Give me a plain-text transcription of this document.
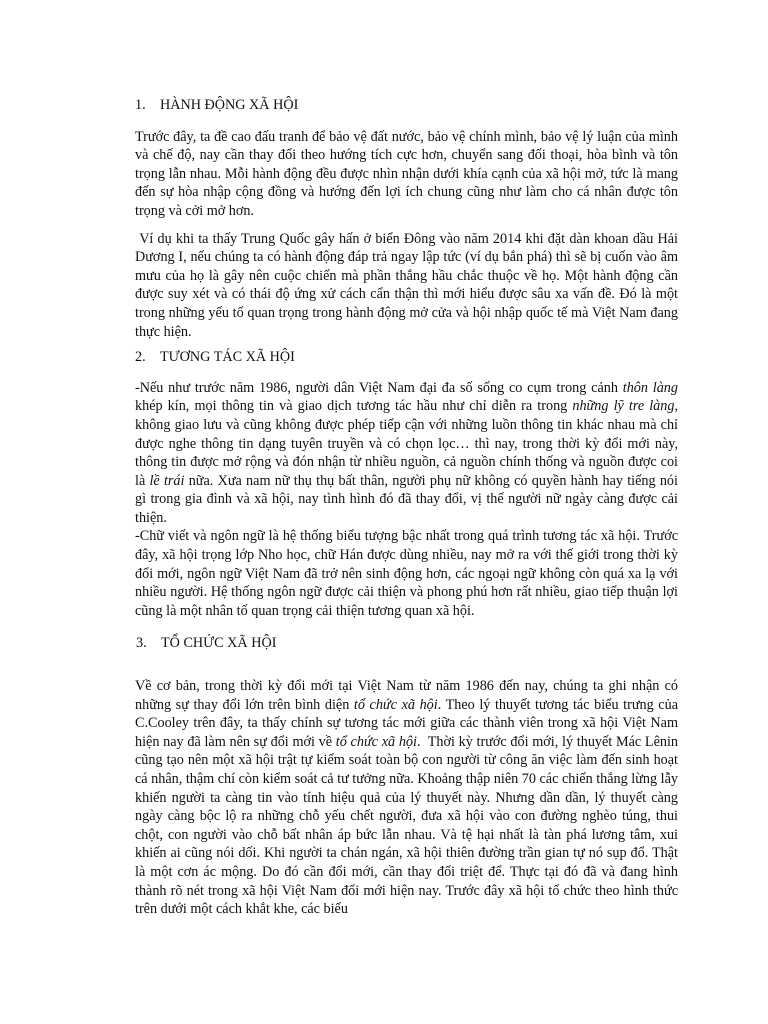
1.	HÀNH ĐỘNG XÃ HỘI

Trước đây, ta đề cao đấu tranh để bảo vệ đất nước, bảo vệ chính mình, bảo vệ lý luận của mình và chế độ, nay cần thay đổi theo hướng tích cực hơn, chuyển sang đối thoại, hòa bình và tôn trọng lẫn nhau. Mỗi hành động đều được nhìn nhận dưới khía cạnh của xã hội mở, tức là mang đến sự hòa nhập cộng đồng và hướng đến lợi ích chung cũng như làm cho cá nhân được tôn trọng và cởi mở hơn.

Ví dụ khi ta thấy Trung Quốc gây hấn ở biển Đông vào năm 2014 khi đặt dàn khoan dầu Hải Dương I, nếu chúng ta có hành động đáp trả ngay lập tức (ví dụ bắn phá) thì sẽ bị cuốn vào âm mưu của họ là gây nên cuộc chiến mà phần thắng hầu chắc thuộc về họ. Một hành động cần được suy xét và có thái độ ứng xử cách cẩn thận thì mới hiểu được sâu xa vấn đề. Đó là một trong những yếu tố quan trọng trong hành động mở cửa và hội nhập quốc tế mà Việt Nam đang thực hiện.

2.	TƯƠNG TÁC XÃ HỘI

-Nếu như trước năm 1986, người dân Việt Nam đại đa số sống co cụm trong cảnh thôn làng khép kín, mọi thông tin và giao dịch tương tác hầu như chỉ diễn ra trong những lỹ tre làng, không giao lưu và cũng không được phép tiếp cận với những luồn thông tin khác nhau mà chỉ được nghe thông tin dạng tuyên truyền và có chọn lọc… thì nay, trong thời kỳ đổi mới này, thông tin được mở rộng và đón nhận từ nhiều nguồn, cả nguồn chính thống và nguồn được coi là lề trái nữa. Xưa nam nữ thụ thụ bất thân, người phụ nữ không có quyền hành hay tiếng nói gì trong gia đình và xã hội, nay tình hình đó đã thay đổi, vị thế người nữ ngày càng được cải thiện.

-Chữ viết và ngôn ngữ là hệ thống biểu tượng bậc nhất trong quá trình tương tác xã hội. Trước đây, xã hội trọng lớp Nho học, chữ Hán được dùng nhiều, nay mở ra với thế giới trong thời kỳ đổi mới, ngôn ngữ Việt Nam đã trở nên sinh động hơn, các ngoại ngữ không còn quá xa lạ với nhiều người. Hệ thống ngôn ngữ được cải thiện và phong phú hơn rất nhiều, giao tiếp thuận lợi cũng là một nhân tố quan trọng cải thiện tương quan xã hội.

3.	TỔ CHỨC XÃ HỘI

Về cơ bản, trong thời kỳ đổi mới tại Việt Nam từ năm 1986 đến nay, chúng ta ghi nhận có những sự thay đổi lớn trên bình diện tổ chức xã hội. Theo lý thuyết tương tác biểu trưng của C.Cooley trên đây, ta thấy chính sự tương tác mới giữa các thành viên trong xã hội Việt Nam hiện nay đã làm nên sự đổi mới về tổ chức xã hội.  Thời kỳ trước đổi mới, lý thuyết Mác Lênin cũng tạo nên một xã hội trật tự kiểm soát toàn bộ con người từ công ăn việc làm đến sinh hoạt cá nhân, thậm chí còn kiểm soát cả tư tưởng nữa. Khoảng thập niên 70 các chiến thắng lừng lẫy khiến người ta càng tin vào tính hiệu quả của lý thuyết này. Nhưng dần dần, lý thuyết càng ngày càng bộc lộ ra những chỗ yếu chết người, đưa xã hội vào con đường nghèo túng, thui chột, con người vào chỗ bất nhân áp bức lẫn nhau. Và tệ hại nhất là tàn phá lương tâm, xui khiến ai cũng nói dối. Khi người ta chán ngán, xã hội thiên đường trần gian tự nó sụp đổ. Thật là một cơn ác mộng. Do đó cần đổi mới, cần thay đổi triệt để. Thực tại đó đã và đang hình thành rõ nét trong xã hội Việt Nam đổi mới hiện nay. Trước đây xã hội tổ chức theo hình thức trên dưới một cách khắt khe, các biểu
